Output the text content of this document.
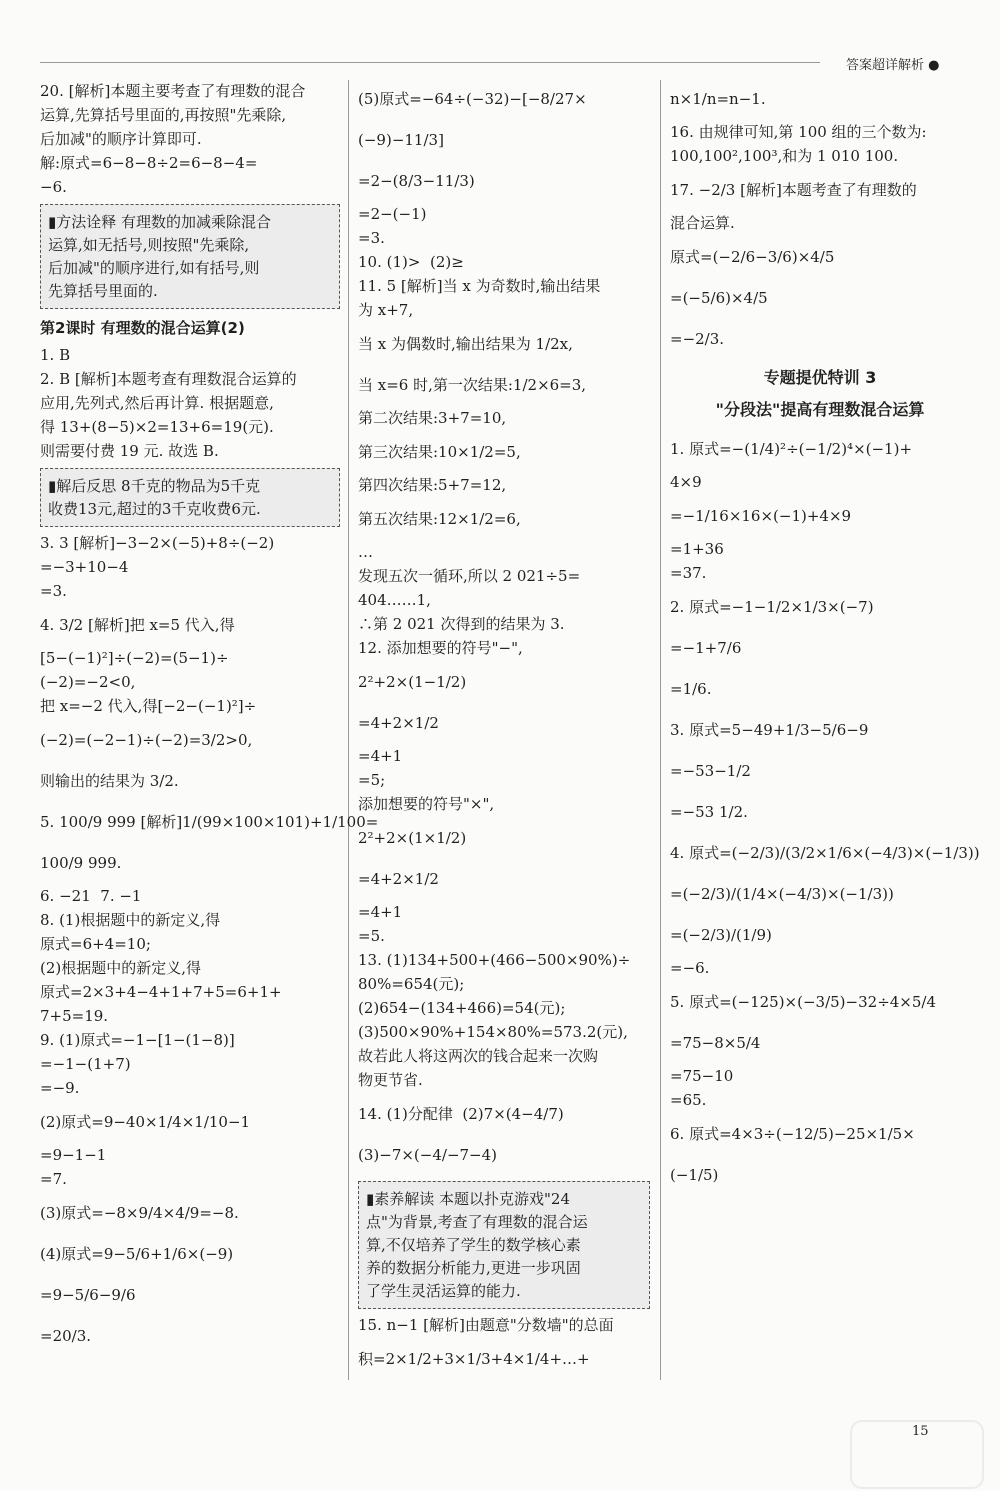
答案超详解析 ●
20. [解析]本题主要考查了有理数的混合
运算,先算括号里面的,再按照"先乘除,
后加减"的顺序计算即可.
解:原式=6−8−8÷2=6−8−4=
−6.
▮方法诠释 有理数的加减乘除混合
运算,如无括号,则按照"先乘除,
后加减"的顺序进行,如有括号,则
先算括号里面的.
第2课时 有理数的混合运算(2)
1. B
2. B [解析]本题考查有理数混合运算的
应用,先列式,然后再计算. 根据题意,
得 13+(8−5)×2=13+6=19(元).
则需要付费 19 元. 故选 B.
▮解后反思 8千克的物品为5千克
收费13元,超过的3千克收费6元.
3. 3 [解析]−3−2×(−5)+8÷(−2)
=−3+10−4
=3.
4. 3/2 [解析]把 x=5 代入,得
[5−(−1)²]÷(−2)=(5−1)÷
(−2)=−2<0,
把 x=−2 代入,得[−2−(−1)²]÷
(−2)=(−2−1)÷(−2)=3/2>0,
则输出的结果为 3/2.
5. 100/9 999 [解析]1/(99×100×101)+1/100=
100/9 999.
6. −21  7. −1
8. (1)根据题中的新定义,得
原式=6+4=10;
(2)根据题中的新定义,得
原式=2×3+4−4+1+7+5=6+1+
7+5=19.
9. (1)原式=−1−[1−(1−8)]
=−1−(1+7)
=−9.
(2)原式=9−40×1/4×1/10−1
=9−1−1
=7.
(3)原式=−8×9/4×4/9=−8.
(4)原式=9−5/6+1/6×(−9)
=9−5/6−9/6
=20/3.
(5)原式=−64÷(−32)−[−8/27×
(−9)−11/3]
=2−(8/3−11/3)
=2−(−1)
=3.
10. (1)>  (2)≥
11. 5 [解析]当 x 为奇数时,输出结果
为 x+7,
当 x 为偶数时,输出结果为 1/2x,
当 x=6 时,第一次结果:1/2×6=3,
第二次结果:3+7=10,
第三次结果:10×1/2=5,
第四次结果:5+7=12,
第五次结果:12×1/2=6,
…
发现五次一循环,所以 2 021÷5=
404……1,
∴第 2 021 次得到的结果为 3.
12. 添加想要的符号"−",
2²+2×(1−1/2)
=4+2×1/2
=4+1
=5;
添加想要的符号"×",
2²+2×(1×1/2)
=4+2×1/2
=4+1
=5.
13. (1)134+500+(466−500×90%)÷
80%=654(元);
(2)654−(134+466)=54(元);
(3)500×90%+154×80%=573.2(元),
故若此人将这两次的钱合起来一次购
物更节省.
14. (1)分配律  (2)7×(4−4/7)
(3)−7×(−4/−7−4)
▮素养解读 本题以扑克游戏"24
点"为背景,考查了有理数的混合运
算,不仅培养了学生的数学核心素
养的数据分析能力,更进一步巩固
了学生灵活运算的能力.
15. n−1 [解析]由题意"分数墙"的总面
积=2×1/2+3×1/3+4×1/4+…+
n×1/n=n−1.
16. 由规律可知,第 100 组的三个数为:
100,100²,100³,和为 1 010 100.
17. −2/3 [解析]本题考查了有理数的
混合运算.
原式=(−2/6−3/6)×4/5
=(−5/6)×4/5
=−2/3.
专题提优特训 3
"分段法"提高有理数混合运算
1. 原式=−(1/4)²÷(−1/2)⁴×(−1)+
4×9
=−1/16×16×(−1)+4×9
=1+36
=37.
2. 原式=−1−1/2×1/3×(−7)
=−1+7/6
=1/6.
3. 原式=5−49+1/3−5/6−9
=−53−1/2
=−53 1/2.
4. 原式=(−2/3)/(3/2×1/6×(−4/3)×(−1/3))
=(−2/3)/(1/4×(−4/3)×(−1/3))
=(−2/3)/(1/9)
=−6.
5. 原式=(−125)×(−3/5)−32÷4×5/4
=75−8×5/4
=75−10
=65.
6. 原式=4×3÷(−12/5)−25×1/5×
(−1/5)
15
